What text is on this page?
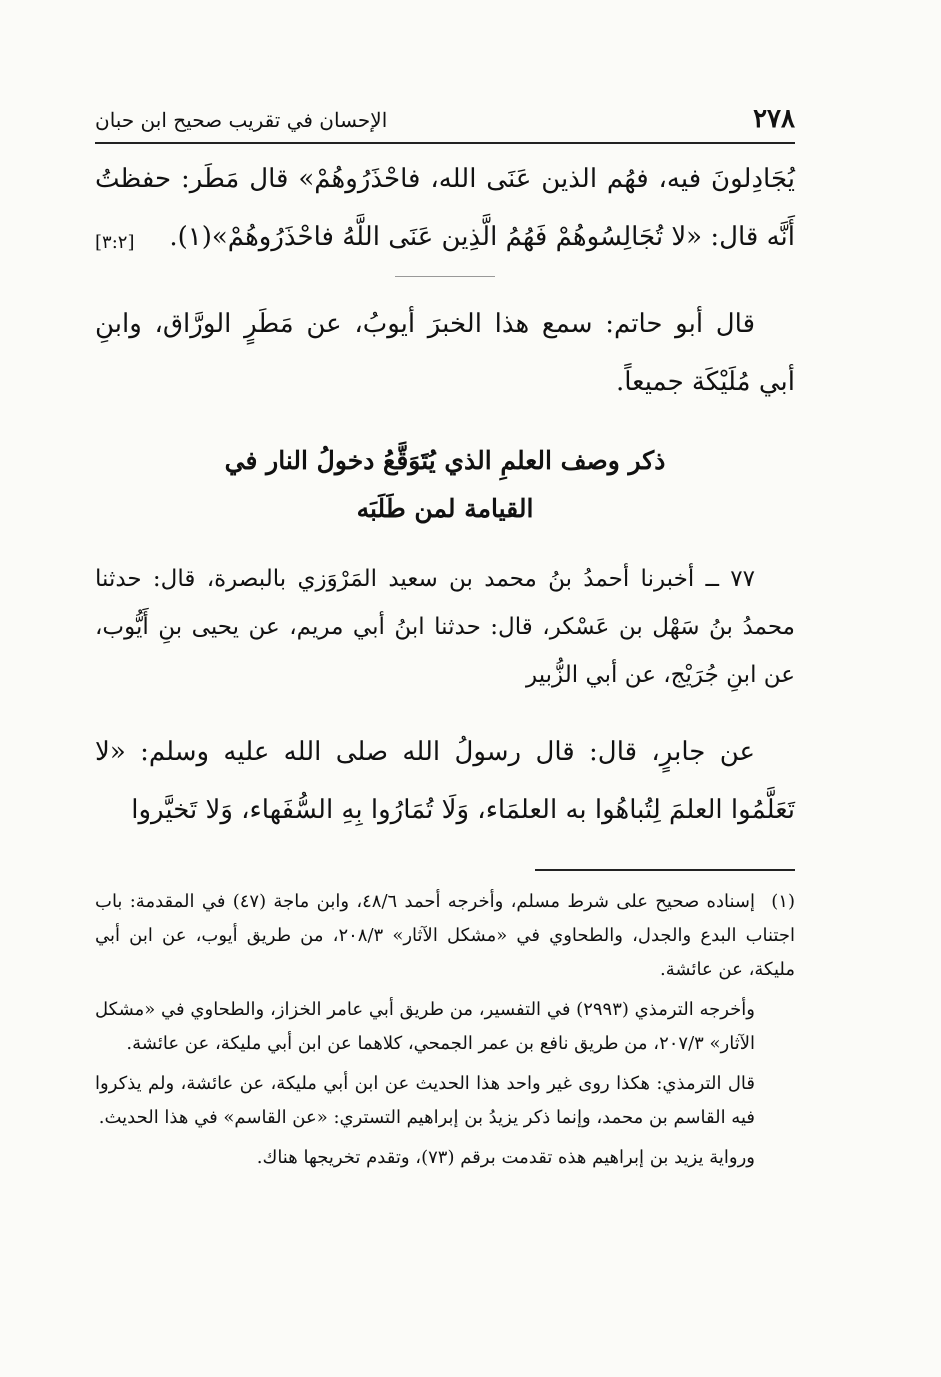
٢٧٨
الإحسان في تقريب صحيح ابن حبان

يُجَادِلونَ فيه، فهُم الذين عَنَى الله، فاحْذَرُوهُمْ» قال مَطَر: حفظتُ أَنَّه قال: «لا تُجَالِسُوهُمْ فَهُمُ الَّذِين عَنَى اللَّهُ فاحْذَرُوهُمْ»(١).
[٣:٢]

قال أبو حاتم: سمع هذا الخبرَ أيوبُ، عن مَطَرٍ الورَّاق، وابنِ أبي مُلَيْكَة جميعاً.

ذكر وصف العلمِ الذي يُتَوَقَّعُ دخولُ النار في
القيامة لمن طَلَبَه

٧٧ ــ أخبرنا أحمدُ بنُ محمد بن سعيد المَرْوَزي بالبصرة، قال: حدثنا محمدُ بنُ سَهْل بن عَسْكر، قال: حدثنا ابنُ أبي مريم، عن يحيى بنِ أَيُّوب، عن ابنِ جُرَيْج، عن أبي الزُّبير

عن جابرٍ، قال: قال رسولُ الله صلى الله عليه وسلم: «لا تَعَلَّمُوا العلمَ لِتُباهُوا به العلمَاء، وَلَا تُمَارُوا بِهِ السُّفَهاء، وَلا تَخيَّروا

(١)إسناده صحيح على شرط مسلم، وأخرجه أحمد ٤٨/٦، وابن ماجة (٤٧) في المقدمة: باب اجتناب البدع والجدل، والطحاوي في «مشكل الآثار» ٢٠٨/٣، من طريق أيوب، عن ابن أبي مليكة، عن عائشة.
وأخرجه الترمذي (٢٩٩٣) في التفسير، من طريق أبي عامر الخزاز، والطحاوي في «مشكل الآثار» ٢٠٧/٣، من طريق نافع بن عمر الجمحي، كلاهما عن ابن أبي مليكة، عن عائشة.
قال الترمذي: هكذا روى غير واحد هذا الحديث عن ابن أبي مليكة، عن عائشة، ولم يذكروا فيه القاسم بن محمد، وإنما ذكر يزيدُ بن إبراهيم التستري: «عن القاسم» في هذا الحديث.
ورواية يزيد بن إبراهيم هذه تقدمت برقم (٧٣)، وتقدم تخريجها هناك.
